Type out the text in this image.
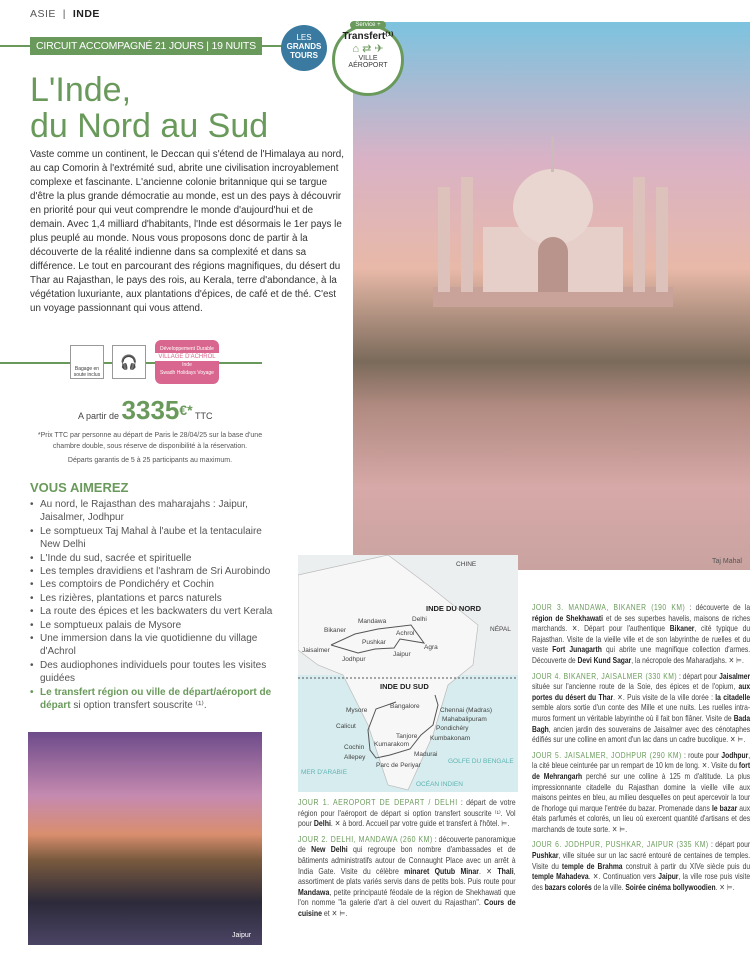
ASIE  |  INDE
CIRCUIT ACCOMPAGNÉ 21 JOURS | 19 NUITS
LES
GRANDS
TOURS
Service +
Transfert⁽¹⁾
⌂ ⇄ ✈
VILLE
AÉROPORT
L'Inde,
du Nord au Sud
Vaste comme un continent, le Deccan qui s'étend de l'Himalaya au nord, au cap Comorin à l'extrémité sud, abrite une civilisation incroyablement complexe et fascinante. L'ancienne colonie britannique qui se targue d'être la plus grande démocratie au monde, est un des pays à découvrir en priorité pour qui veut comprendre le monde d'aujourd'hui et de demain. Avec 1,4 milliard d'habitants, l'Inde est désormais le 1er pays le plus peuplé au monde. Nous vous proposons donc de partir à la découverte de la réalité indienne dans sa complexité et dans sa différence. Le tout en parcourant des régions magnifiques, du désert du Thar au Rajasthan, le pays des rois, au Kerala, terre d'abondance, à la végétation luxuriante, aux plantations d'épices, de café et de thé. C'est un voyage passionnant qui vous attend.
Taj Mahal
Bagage en soute inclus
🎧
Développement Durable
VILLAGE D'ACHROL
Inde
Swadh Holidays Voyage
A partir de 3335€* TTC
*Prix TTC par personne au départ de Paris le 28/04/25 sur la base d'une chambre double, sous réserve de disponibilité à la réservation.
Départs garantis de 5 à 25 participants au maximum.
VOUS AIMEREZ
• Au nord, le Rajasthan des maharajahs : Jaipur, Jaisalmer, Jodhpur
• Le somptueux Taj Mahal à l'aube et la tentaculaire New Delhi
• L'Inde du sud, sacrée et spirituelle
• Les temples dravidiens et l'ashram de Sri Aurobindo
• Les comptoirs de Pondichéry et Cochin
• Les rizières, plantations et parcs naturels
• La route des épices et les backwaters du vert Kerala
• Le somptueux palais de Mysore
• Une immersion dans la vie quotidienne du village d'Achrol
• Des audiophones individuels pour toutes les visites guidées
• Le transfert région ou ville de départ/aéroport de départ si option transfert souscrite ⁽¹⁾.
Jaipur
CHINE
INDE DU NORD
NÉPAL
INDE DU SUD
MER D'ARABIE
GOLFE DU BENGALE
OCÉAN INDIEN
Bikaner
Mandawa	Delhi
Achrol
Pushkar
Jaisalmer
Jodhpur
Jaipur
Agra
Mysore
Bangalore
Calicut
Chennai (Madras)
Mahabalipuram
Pondichéry
Kumbakonam
Tanjore
Cochin Kumarakom
Allepey	Madurai
Parc de Periyar
JOUR 1. AEROPORT DE DEPART / DELHI : départ de votre région pour l'aéroport de départ si option transfert souscrite ⁽¹⁾. Vol pour Delhi. ✕ à bord. Accueil par votre guide et transfert à l'hôtel. ⊨.
JOUR 2. DELHI, MANDAWA (260 KM) : découverte panoramique de New Delhi qui regroupe bon nombre d'ambassades et de bâtiments administratifs autour de Connaught Place avec un arrêt à India Gate. Visite du célèbre minaret Qutub Minar. ✕ Thali, assortiment de plats variés servis dans de petits bols. Puis route pour Mandawa, petite principauté féodale de la région de Shekhawati que l'on nomme "la galerie d'art à ciel ouvert du Rajasthan". Cours de cuisine et ✕ ⊨.
JOUR 3. MANDAWA, BIKANER (190 KM) : découverte de la région de Shekhawati et de ses superbes havelis, maisons de riches marchands. ✕. Départ pour l'authentique Bikaner, cité typique du Rajasthan. Visite de la vieille ville et de son labyrinthe de ruelles et du vaste Fort Junagarth qui abrite une magnifique collection d'armes. Découverte de Devi Kund Sagar, la nécropole des Maharadjahs. ✕ ⊨.
JOUR 4. BIKANER, JAISALMER (330 KM) : départ pour Jaisalmer située sur l'ancienne route de la Soie, des épices et de l'opium, aux portes du désert du Thar. ✕. Puis visite de la ville dorée : la citadelle semble alors sortie d'un conte des Mille et une nuits. Les ruelles intra-muros forment un véritable labyrinthe où il fait bon flâner. Visite de Bada Bagh, ancien jardin des souverains de Jaisalmer avec des cénotaphes édifiés sur une colline en amont d'un lac dans un cadre bucolique. ✕ ⊨.
JOUR 5. JAISALMER, JODHPUR (290 KM) : route pour Jodhpur, la cité bleue ceinturée par un rempart de 10 km de long. ✕. Visite du fort de Mehrangarh perché sur une colline à 125 m d'altitude. La plus impressionnante citadelle du Rajasthan domine la vieille ville aux maisons peintes en bleu, au milieu desquelles on peut apercevoir la tour de l'horloge qui marque l'entrée du bazar. Promenade dans le bazar aux étals parfumés et colorés, un lieu où exercent quantité d'artisans et des marchands de toute sorte. ✕ ⊨.
JOUR 6. JODHPUR, PUSHKAR, JAIPUR (335 KM) : départ pour Pushkar, ville située sur un lac sacré entouré de centaines de temples. Visite du temple de Brahma construit à partir du XIVe siècle puis du temple Mahadeva. ✕. Continuation vers Jaipur, la ville rose puis visite des bazars colorés de la ville. Soirée cinéma bollywoodien. ✕ ⊨.
